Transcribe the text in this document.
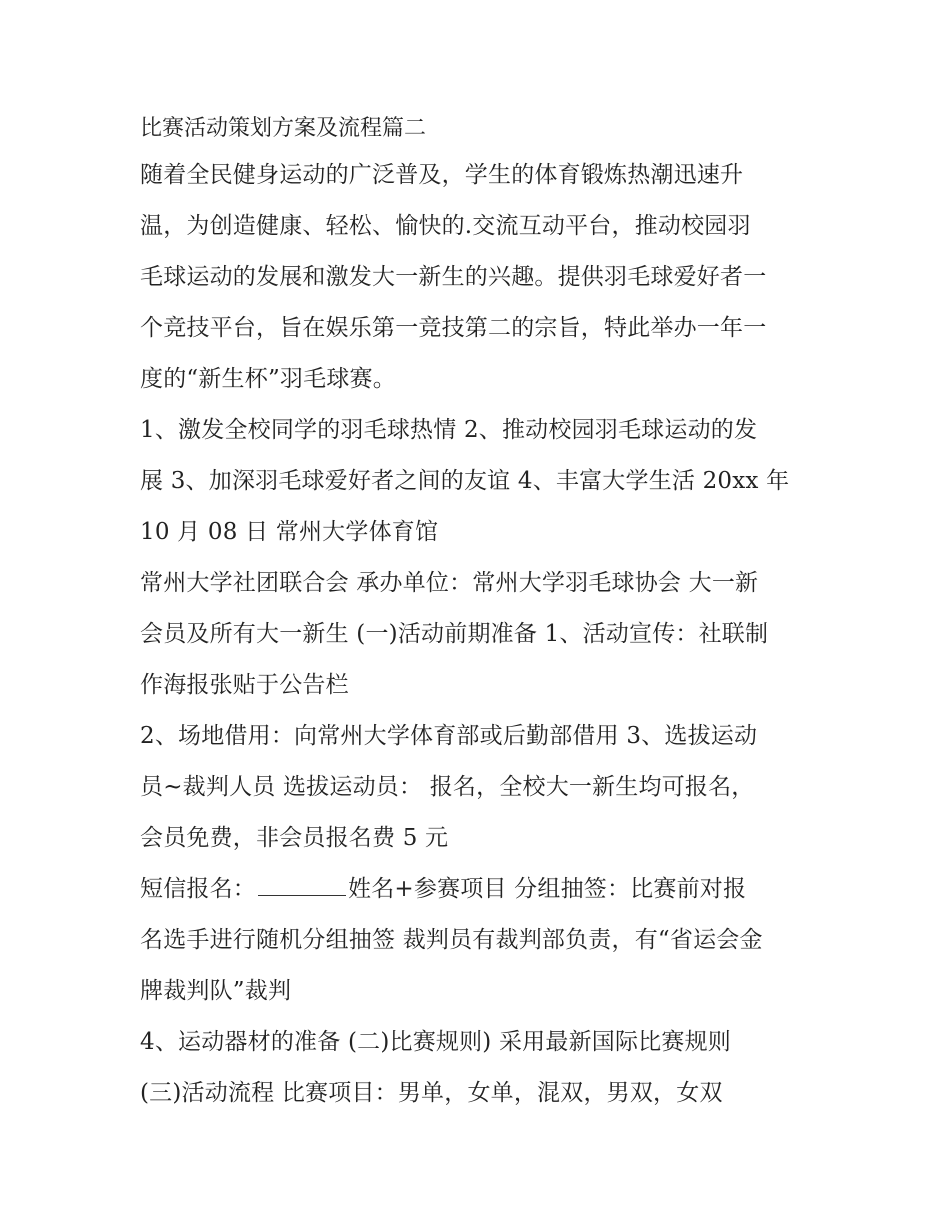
比赛活动策划方案及流程篇二

随着全民健身运动的广泛普及，学生的体育锻炼热潮迅速升

温，为创造健康、轻松、愉快的.交流互动平台，推动校园羽

毛球运动的发展和激发大一新生的兴趣。提供羽毛球爱好者一

个竞技平台，旨在娱乐第一竞技第二的宗旨，特此举办一年一

度的“新生杯”羽毛球赛。

1、激发全校同学的羽毛球热情 2、推动校园羽毛球运动的发

展 3、加深羽毛球爱好者之间的友谊 4、丰富大学生活 20xx 年

10 月 08 日 常州大学体育馆

常州大学社团联合会 承办单位：常州大学羽毛球协会 大一新

会员及所有大一新生 (一)活动前期准备 1、活动宣传：社联制

作海报张贴于公告栏

2、场地借用：向常州大学体育部或后勤部借用 3、选拔运动

员~裁判人员 选拔运动员： 报名，全校大一新生均可报名，

会员免费，非会员报名费 5 元

短信报名：	姓名+参赛项目 分组抽签：比赛前对报

名选手进行随机分组抽签 裁判员有裁判部负责，有“省运会金

牌裁判队”裁判

4、运动器材的准备 (二)比赛规则) 采用最新国际比赛规则

(三)活动流程 比赛项目：男单，女单，混双，男双，女双
